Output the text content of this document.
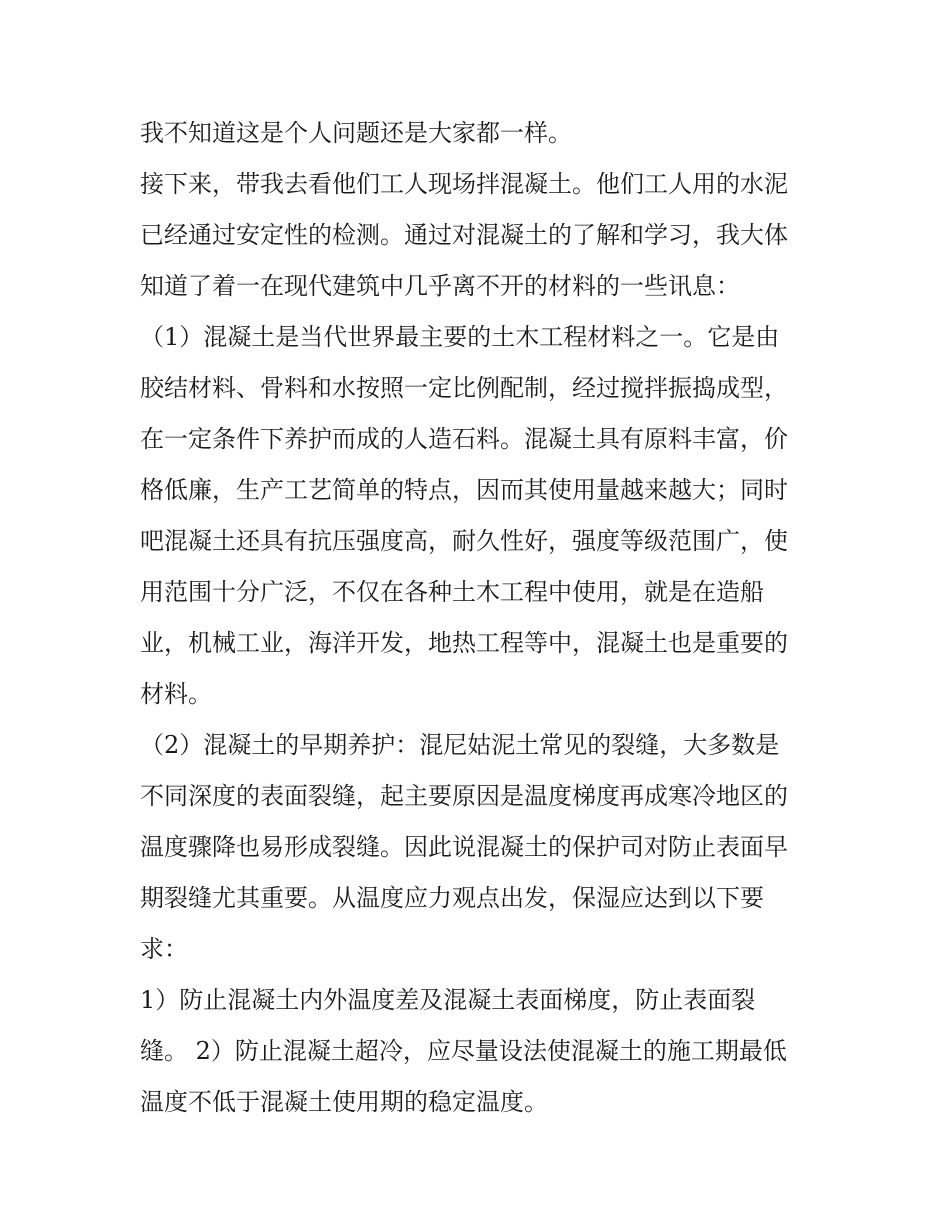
我不知道这是个人问题还是大家都一样。
接下来，带我去看他们工人现场拌混凝土。他们工人用的水泥
已经通过安定性的检测。通过对混凝土的了解和学习，我大体
知道了着一在现代建筑中几乎离不开的材料的一些讯息：
（1）混凝土是当代世界最主要的土木工程材料之一。它是由
胶结材料、骨料和水按照一定比例配制，经过搅拌振捣成型，
在一定条件下养护而成的人造石料。混凝土具有原料丰富，价
格低廉，生产工艺简单的特点，因而其使用量越来越大；同时
吧混凝土还具有抗压强度高，耐久性好，强度等级范围广，使
用范围十分广泛，不仅在各种土木工程中使用，就是在造船
业，机械工业，海洋开发，地热工程等中，混凝土也是重要的
材料。
（2）混凝土的早期养护：混尼姑泥土常见的裂缝，大多数是
不同深度的表面裂缝，起主要原因是温度梯度再成寒冷地区的
温度骤降也易形成裂缝。因此说混凝土的保护司对防止表面早
期裂缝尤其重要。从温度应力观点出发，保湿应达到以下要
求：
1）防止混凝土内外温度差及混凝土表面梯度，防止表面裂
缝。 2）防止混凝土超冷，应尽量设法使混凝土的施工期最低
温度不低于混凝土使用期的稳定温度。
